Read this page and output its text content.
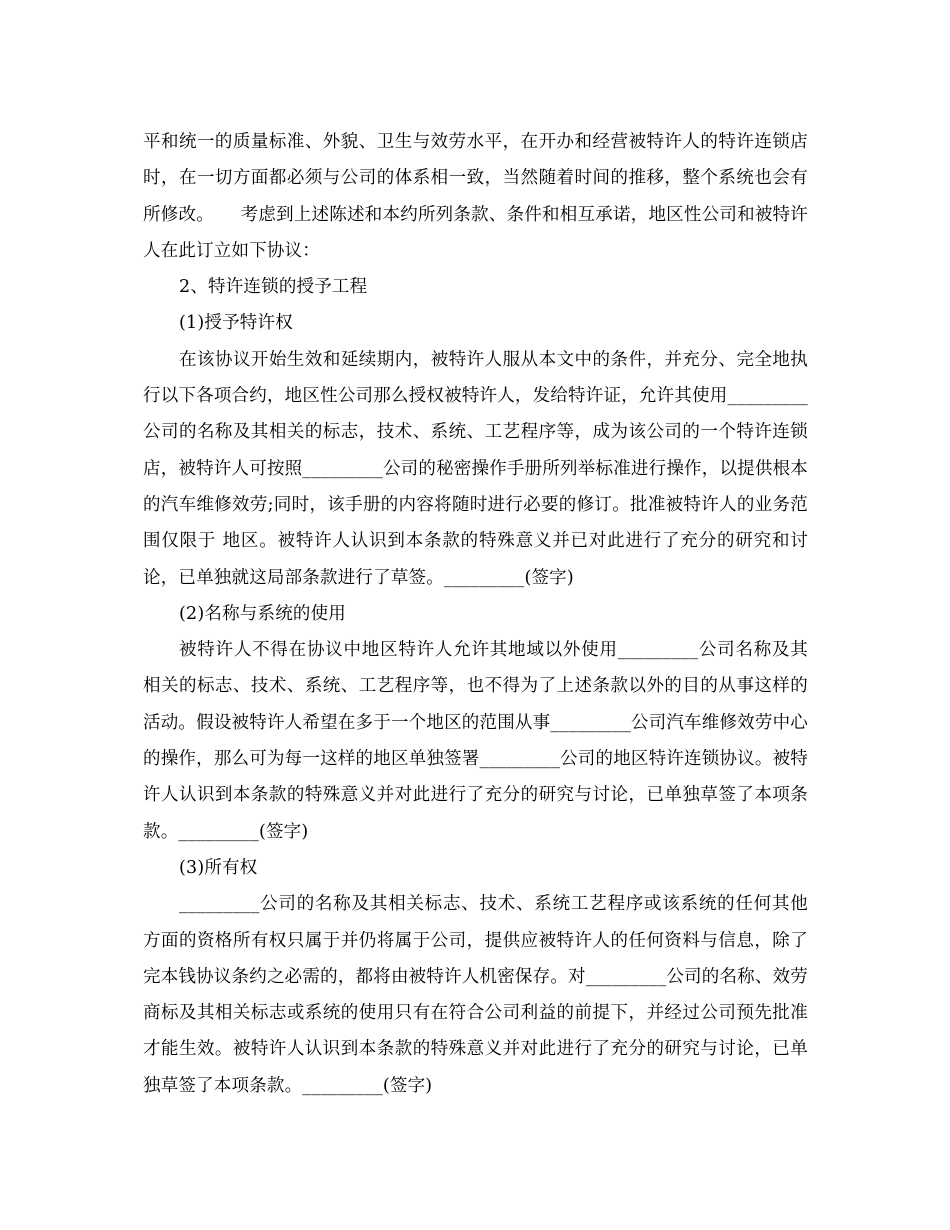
平和统一的质量标准、外貌、卫生与效劳水平，在开办和经营被特许人的特许连锁店时，在一切方面都必须与公司的体系相一致，当然随着时间的推移，整个系统也会有所修改。　　考虑到上述陈述和本约所列条款、条件和相互承诺，地区性公司和被特许人在此订立如下协议：

2、特许连锁的授予工程

(1)授予特许权

在该协议开始生效和延续期内，被特许人服从本文中的条件，并充分、完全地执行以下各项合约，地区性公司那么授权被特许人，发给特许证，允许其使用_________公司的名称及其相关的标志，技术、系统、工艺程序等，成为该公司的一个特许连锁店，被特许人可按照_________公司的秘密操作手册所列举标准进行操作，以提供根本的汽车维修效劳;同时，该手册的内容将随时进行必要的修订。批准被特许人的业务范围仅限于 地区。被特许人认识到本条款的特殊意义并已对此进行了充分的研究和讨论，已单独就这局部条款进行了草签。_________(签字)

(2)名称与系统的使用

被特许人不得在协议中地区特许人允许其地域以外使用_________公司名称及其相关的标志、技术、系统、工艺程序等，也不得为了上述条款以外的目的从事这样的活动。假设被特许人希望在多于一个地区的范围从事_________公司汽车维修效劳中心的操作，那么可为每一这样的地区单独签署_________公司的地区特许连锁协议。被特许人认识到本条款的特殊意义并对此进行了充分的研究与讨论，已单独草签了本项条款。_________(签字)

(3)所有权

_________公司的名称及其相关标志、技术、系统工艺程序或该系统的任何其他方面的资格所有权只属于并仍将属于公司，提供应被特许人的任何资料与信息，除了完本钱协议条约之必需的，都将由被特许人机密保存。对_________公司的名称、效劳商标及其相关标志或系统的使用只有在符合公司利益的前提下，并经过公司预先批准才能生效。被特许人认识到本条款的特殊意义并对此进行了充分的研究与讨论，已单独草签了本项条款。_________(签字)
